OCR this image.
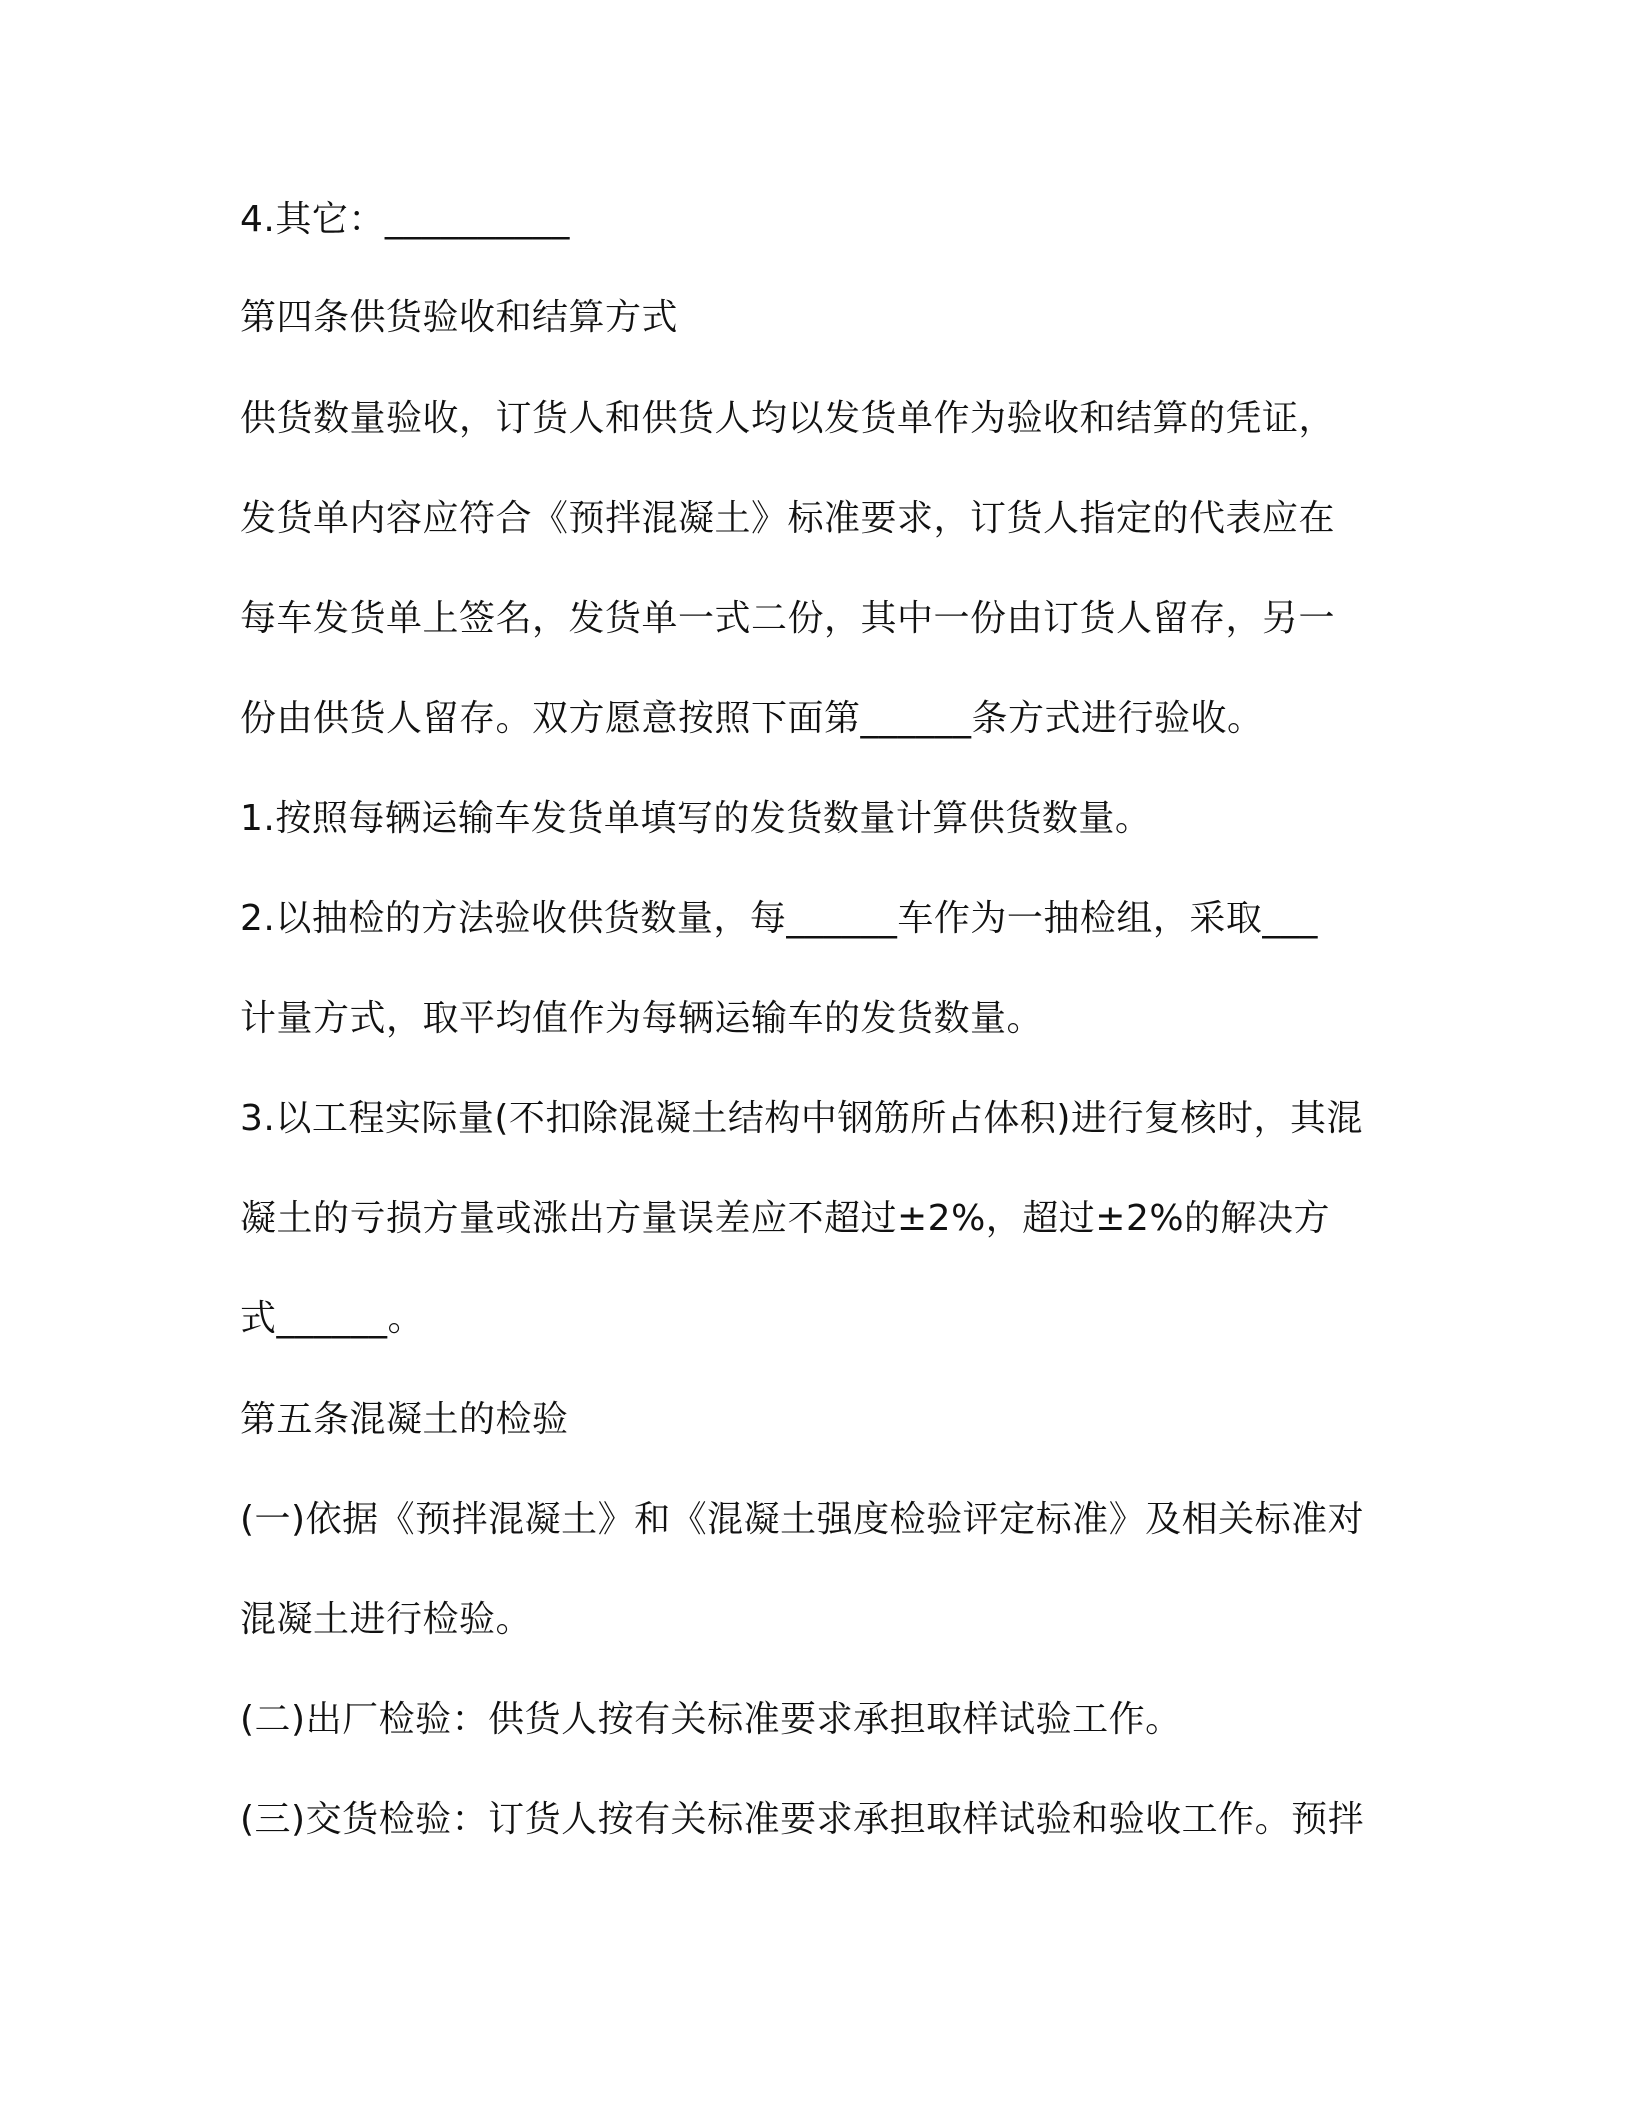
4.其它：__________
第四条供货验收和结算方式
供货数量验收，订货人和供货人均以发货单作为验收和结算的凭证，
发货单内容应符合《预拌混凝土》标准要求，订货人指定的代表应在
每车发货单上签名，发货单一式二份，其中一份由订货人留存，另一
份由供货人留存。双方愿意按照下面第______条方式进行验收。
1.按照每辆运输车发货单填写的发货数量计算供货数量。
2.以抽检的方法验收供货数量，每______车作为一抽检组，采取___
计量方式，取平均值作为每辆运输车的发货数量。
3.以工程实际量(不扣除混凝土结构中钢筋所占体积)进行复核时，其混
凝土的亏损方量或涨出方量误差应不超过±2%，超过±2%的解决方
式______。
第五条混凝土的检验
(一)依据《预拌混凝土》和《混凝土强度检验评定标准》及相关标准对
混凝土进行检验。
(二)出厂检验：供货人按有关标准要求承担取样试验工作。
(三)交货检验：订货人按有关标准要求承担取样试验和验收工作。预拌
